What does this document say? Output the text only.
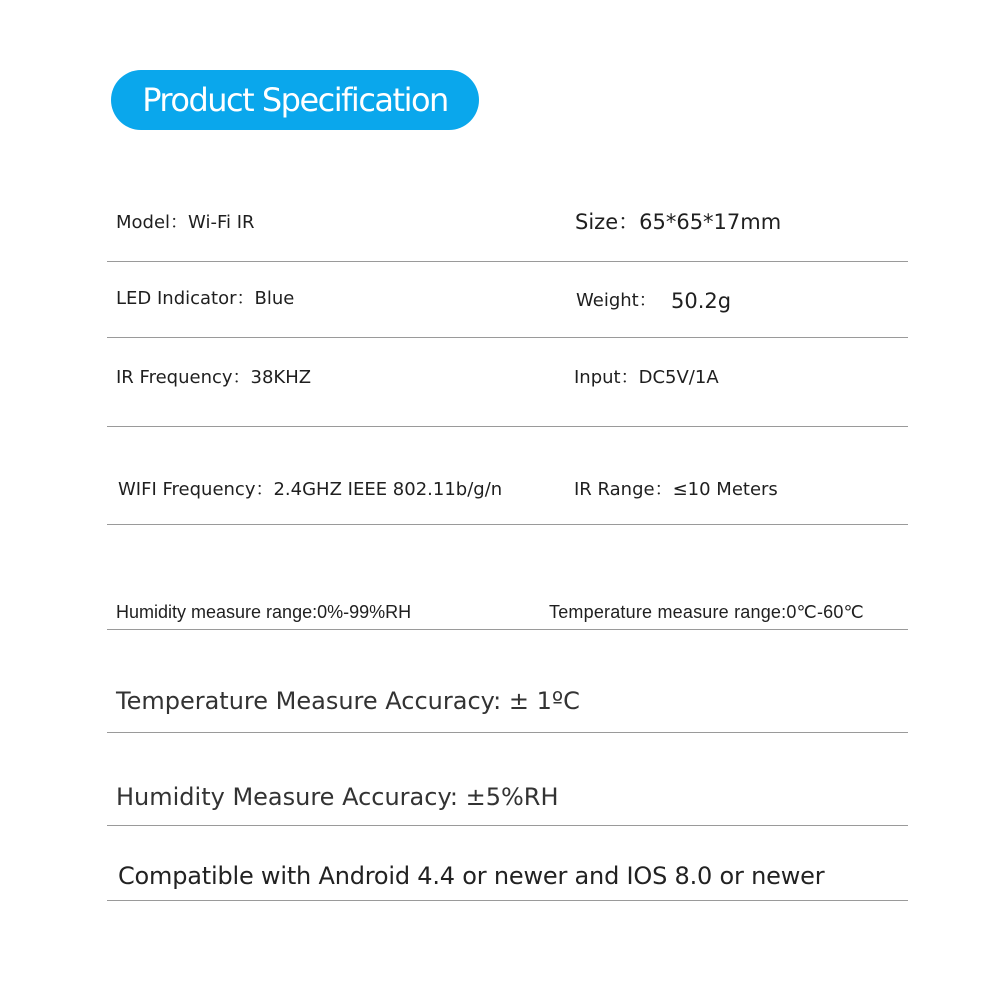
Product Specification
Model：Wi-Fi IR	Size：65*65*17mm
LED Indicator：Blue	Weight： 50.2g
IR Frequency：38KHZ	Input：DC5V/1A
WIFI Frequency：2.4GHZ IEEE 802.11b/g/n	IR Range：≤10 Meters
Humidity measure range:0%-99%RH	Temperature measure range:0℃-60℃
Temperature Measure Accuracy: ± 1ºC
Humidity Measure Accuracy: ±5%RH
Compatible with Android 4.4 or newer and IOS 8.0 or newer
